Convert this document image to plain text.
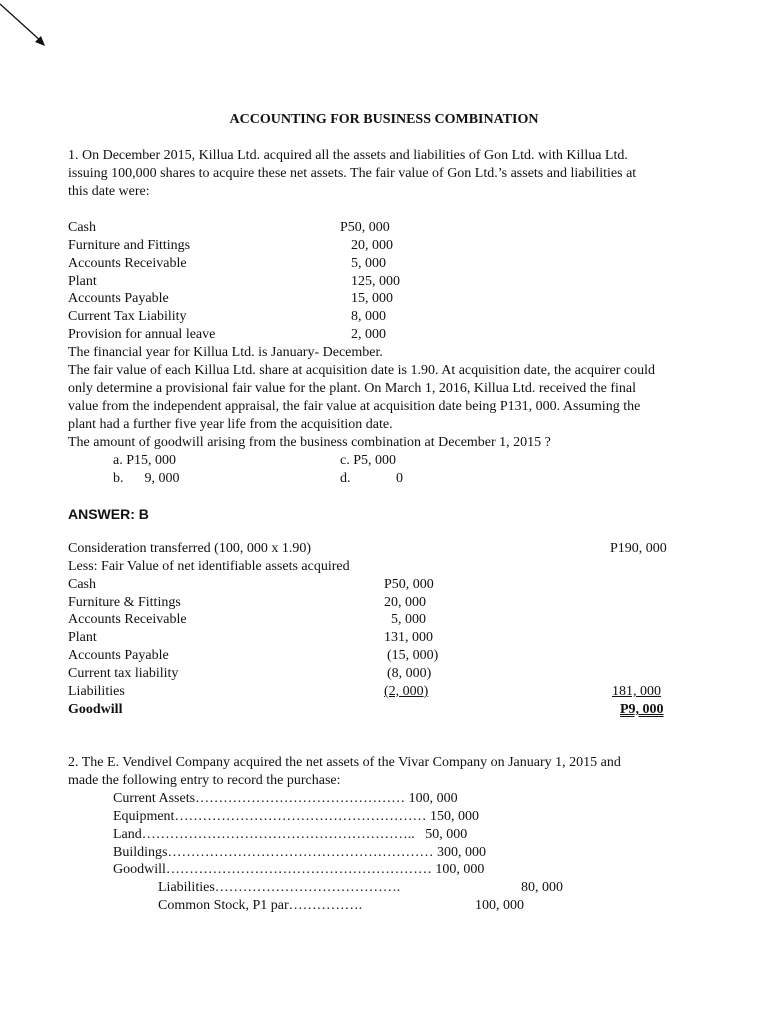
ACCOUNTING FOR BUSINESS COMBINATION
1. On December 2015, Killua Ltd. acquired all the assets and liabilities of Gon Ltd. with Killua Ltd.
issuing 100,000 shares to acquire these net assets. The fair value of Gon Ltd.’s assets and liabilities at
this date were:
Cash	P50, 000
Furniture and Fittings	20, 000
Accounts Receivable	5, 000
Plant	125, 000
Accounts Payable	15, 000
Current Tax Liability	8, 000
Provision for annual leave	2, 000
The financial year for Killua Ltd. is January- December.
The fair value of each Killua Ltd. share at acquisition date is 1.90. At acquisition date, the acquirer could
only determine a provisional fair value for the plant. On March 1, 2016, Killua Ltd. received the final
value from the independent appraisal, the fair value at acquisition date being P131, 000. Assuming the
plant had a further five year life from the acquisition date.
The amount of goodwill arising from the business combination at December 1, 2015 ?
a. P15, 000	c. P5, 000
b.      9, 000	d.	0
ANSWER: B
Consideration transferred (100, 000 x 1.90)	P190, 000
Less: Fair Value of net identifiable assets acquired
Cash	P50, 000
Furniture & Fittings	20, 000
Accounts Receivable	5, 000
Plant	131, 000
Accounts Payable	(15, 000)
Current tax liability	(8, 000)
Liabilities	(2, 000)	181, 000
Goodwill	P9, 000
2. The E. Vendivel Company acquired the net assets of the Vivar Company on January 1, 2015 and
made the following entry to record the purchase:
Current Assets……………………………………… 100, 000
Equipment……………………………………………… 150, 000
Land………………………………………………….. 50, 000
Buildings………………………………………………… 300, 000
Goodwill………………………………………………… 100, 000
Liabilities………………………………….	80, 000
Common Stock, P1 par…………….	100, 000
